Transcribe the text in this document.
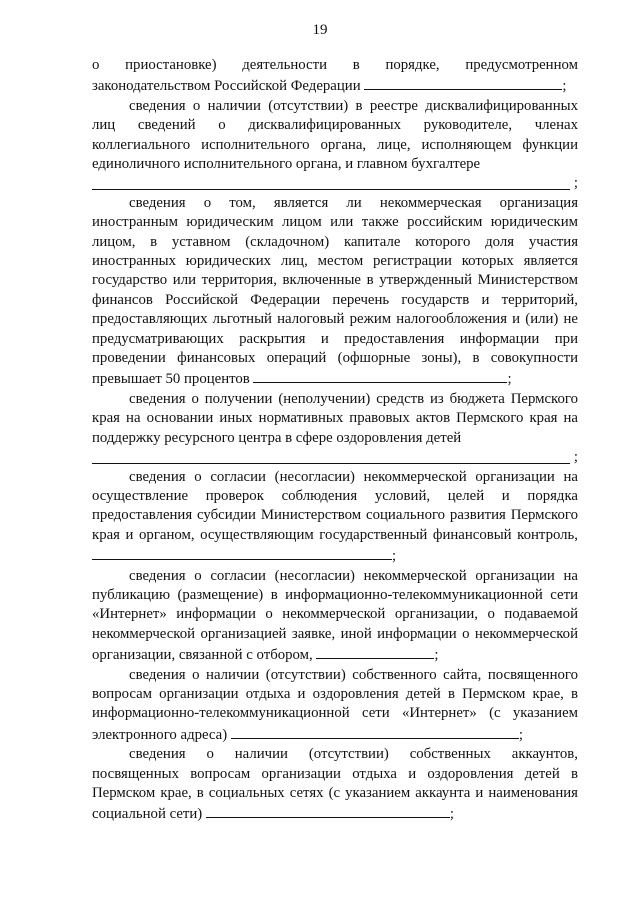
19

о приостановке) деятельности в порядке, предусмотренном законодательством Российской Федерации	;

сведения о наличии (отсутствии) в реестре дисквалифицированных лиц сведений о дисквалифицированных руководителе, членах коллегиального исполнительного органа, лице, исполняющем функции единоличного исполнительного органа, и главном бухгалтере

;

сведения о том, является ли некоммерческая организация иностранным юридическим лицом или также российским юридическим лицом, в уставном (складочном) капитале которого доля участия иностранных юридических лиц, местом регистрации которых является государство или территория, включенные в утвержденный Министерством финансов Российской Федерации перечень государств и территорий, предоставляющих льготный налоговый режим налогообложения и (или) не предусматривающих раскрытия и предоставления информации при проведении финансовых операций (офшорные зоны), в совокупности превышает 50 процентов	;

сведения о получении (неполучении) средств из бюджета Пермского края на основании иных нормативных правовых актов Пермского края на поддержку ресурсного центра в сфере оздоровления детей

;

сведения о согласии (несогласии) некоммерческой организации на осуществление проверок соблюдения условий, целей и порядка предоставления субсидии Министерством социального развития Пермского края и органом, осуществляющим государственный финансовый контроль, ;

сведения о согласии (несогласии) некоммерческой организации на публикацию (размещение) в информационно-телекоммуникационной сети «Интернет» информации о некоммерческой организации, о подаваемой некоммерческой организацией заявке, иной информации о некоммерческой организации, связанной с отбором,	;

сведения о наличии (отсутствии) собственного сайта, посвященного вопросам организации отдыха и оздоровления детей в Пермском крае, в информационно-телекоммуникационной сети «Интернет» (с указанием электронного адреса)	;

сведения о наличии (отсутствии) собственных аккаунтов, посвященных вопросам организации отдыха и оздоровления детей в Пермском крае, в социальных сетях (с указанием аккаунта и наименования социальной сети)	;
